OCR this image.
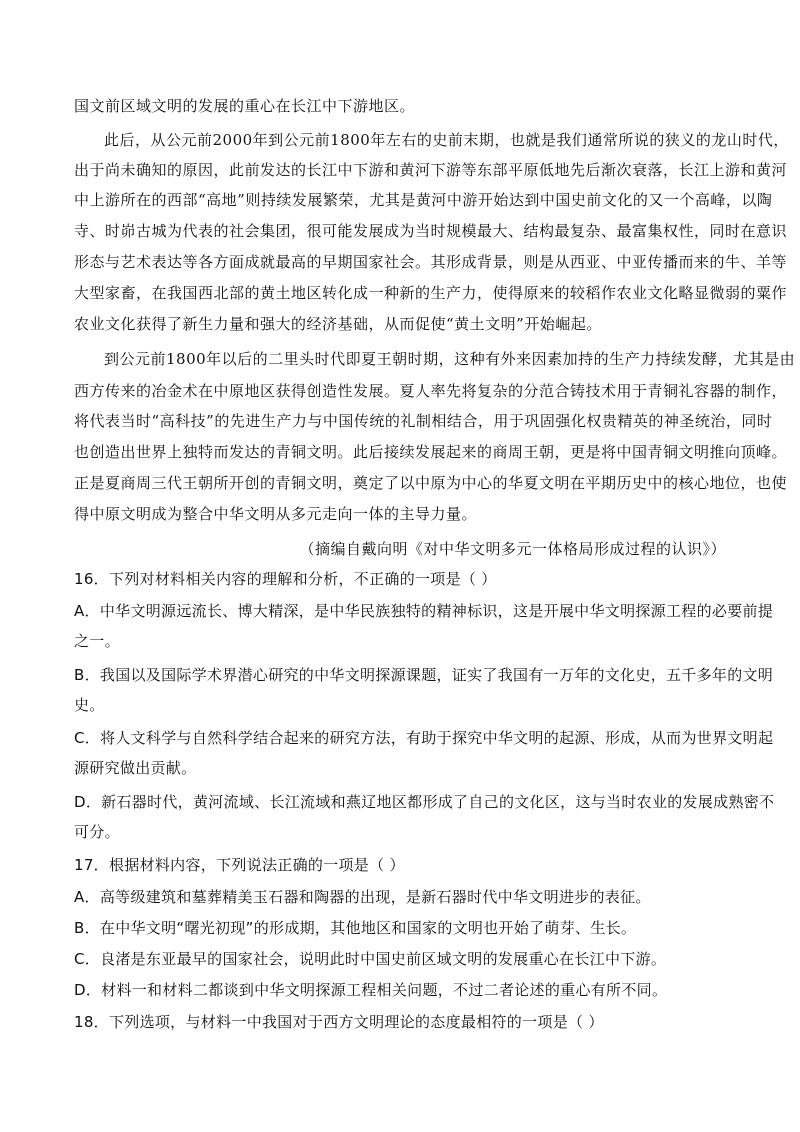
国文前区域文明的发展的重心在长江中下游地区。
此后，从公元前2000年到公元前1800年左右的史前末期，也就是我们通常所说的狭义的龙山时代，
出于尚未确知的原因，此前发达的长江中下游和黄河下游等东部平原低地先后渐次衰落，长江上游和黄河
中上游所在的西部“高地”则持续发展繁荣，尤其是黄河中游开始达到中国史前文化的又一个高峰，以陶
寺、时峁古城为代表的社会集团，很可能发展成为当时规模最大、结构最复杂、最富集权性，同时在意识
形态与艺术表达等各方面成就最高的早期国家社会。其形成背景，则是从西亚、中亚传播而来的牛、羊等
大型家畜，在我国西北部的黄土地区转化成一种新的生产力，使得原来的较稻作农业文化略显微弱的粟作
农业文化获得了新生力量和强大的经济基础，从而促使“黄土文明”开始崛起。
到公元前1800年以后的二里头时代即夏王朝时期，这种有外来因素加持的生产力持续发酵，尤其是由
西方传来的冶金术在中原地区获得创造性发展。夏人率先将复杂的分范合铸技术用于青铜礼容器的制作，
将代表当时“高科技”的先进生产力与中国传统的礼制相结合，用于巩固强化权贵精英的神圣统治，同时
也创造出世界上独特而发达的青铜文明。此后接续发展起来的商周王朝，更是将中国青铜文明推向顶峰。
正是夏商周三代王朝所开创的青铜文明，奠定了以中原为中心的华夏文明在平期历史中的核心地位，也使
得中原文明成为整合中华文明从多元走向一体的主导力量。
（摘编自戴向明《对中华文明多元一体格局形成过程的认识》）
16．下列对材料相关内容的理解和分析，不正确的一项是（ ）
A．中华文明源远流长、博大精深，是中华民族独特的精神标识，这是开展中华文明探源工程的必要前提
之一。
B．我国以及国际学术界潜心研究的中华文明探源课题，证实了我国有一万年的文化史，五千多年的文明
史。
C．将人文科学与自然科学结合起来的研究方法，有助于探究中华文明的起源、形成，从而为世界文明起
源研究做出贡献。
D．新石器时代，黄河流域、长江流域和燕辽地区都形成了自己的文化区，这与当时农业的发展成熟密不
可分。
17．根据材料内容，下列说法正确的一项是（ ）
A．高等级建筑和墓葬精美玉石器和陶器的出现，是新石器时代中华文明进步的表征。
B．在中华文明“曙光初现”的形成期，其他地区和国家的文明也开始了萌芽、生长。
C．良渚是东亚最早的国家社会，说明此时中国史前区域文明的发展重心在长江中下游。
D．材料一和材料二都谈到中华文明探源工程相关问题，不过二者论述的重心有所不同。
18．下列选项，与材料一中我国对于西方文明理论的态度最相符的一项是（ ）
